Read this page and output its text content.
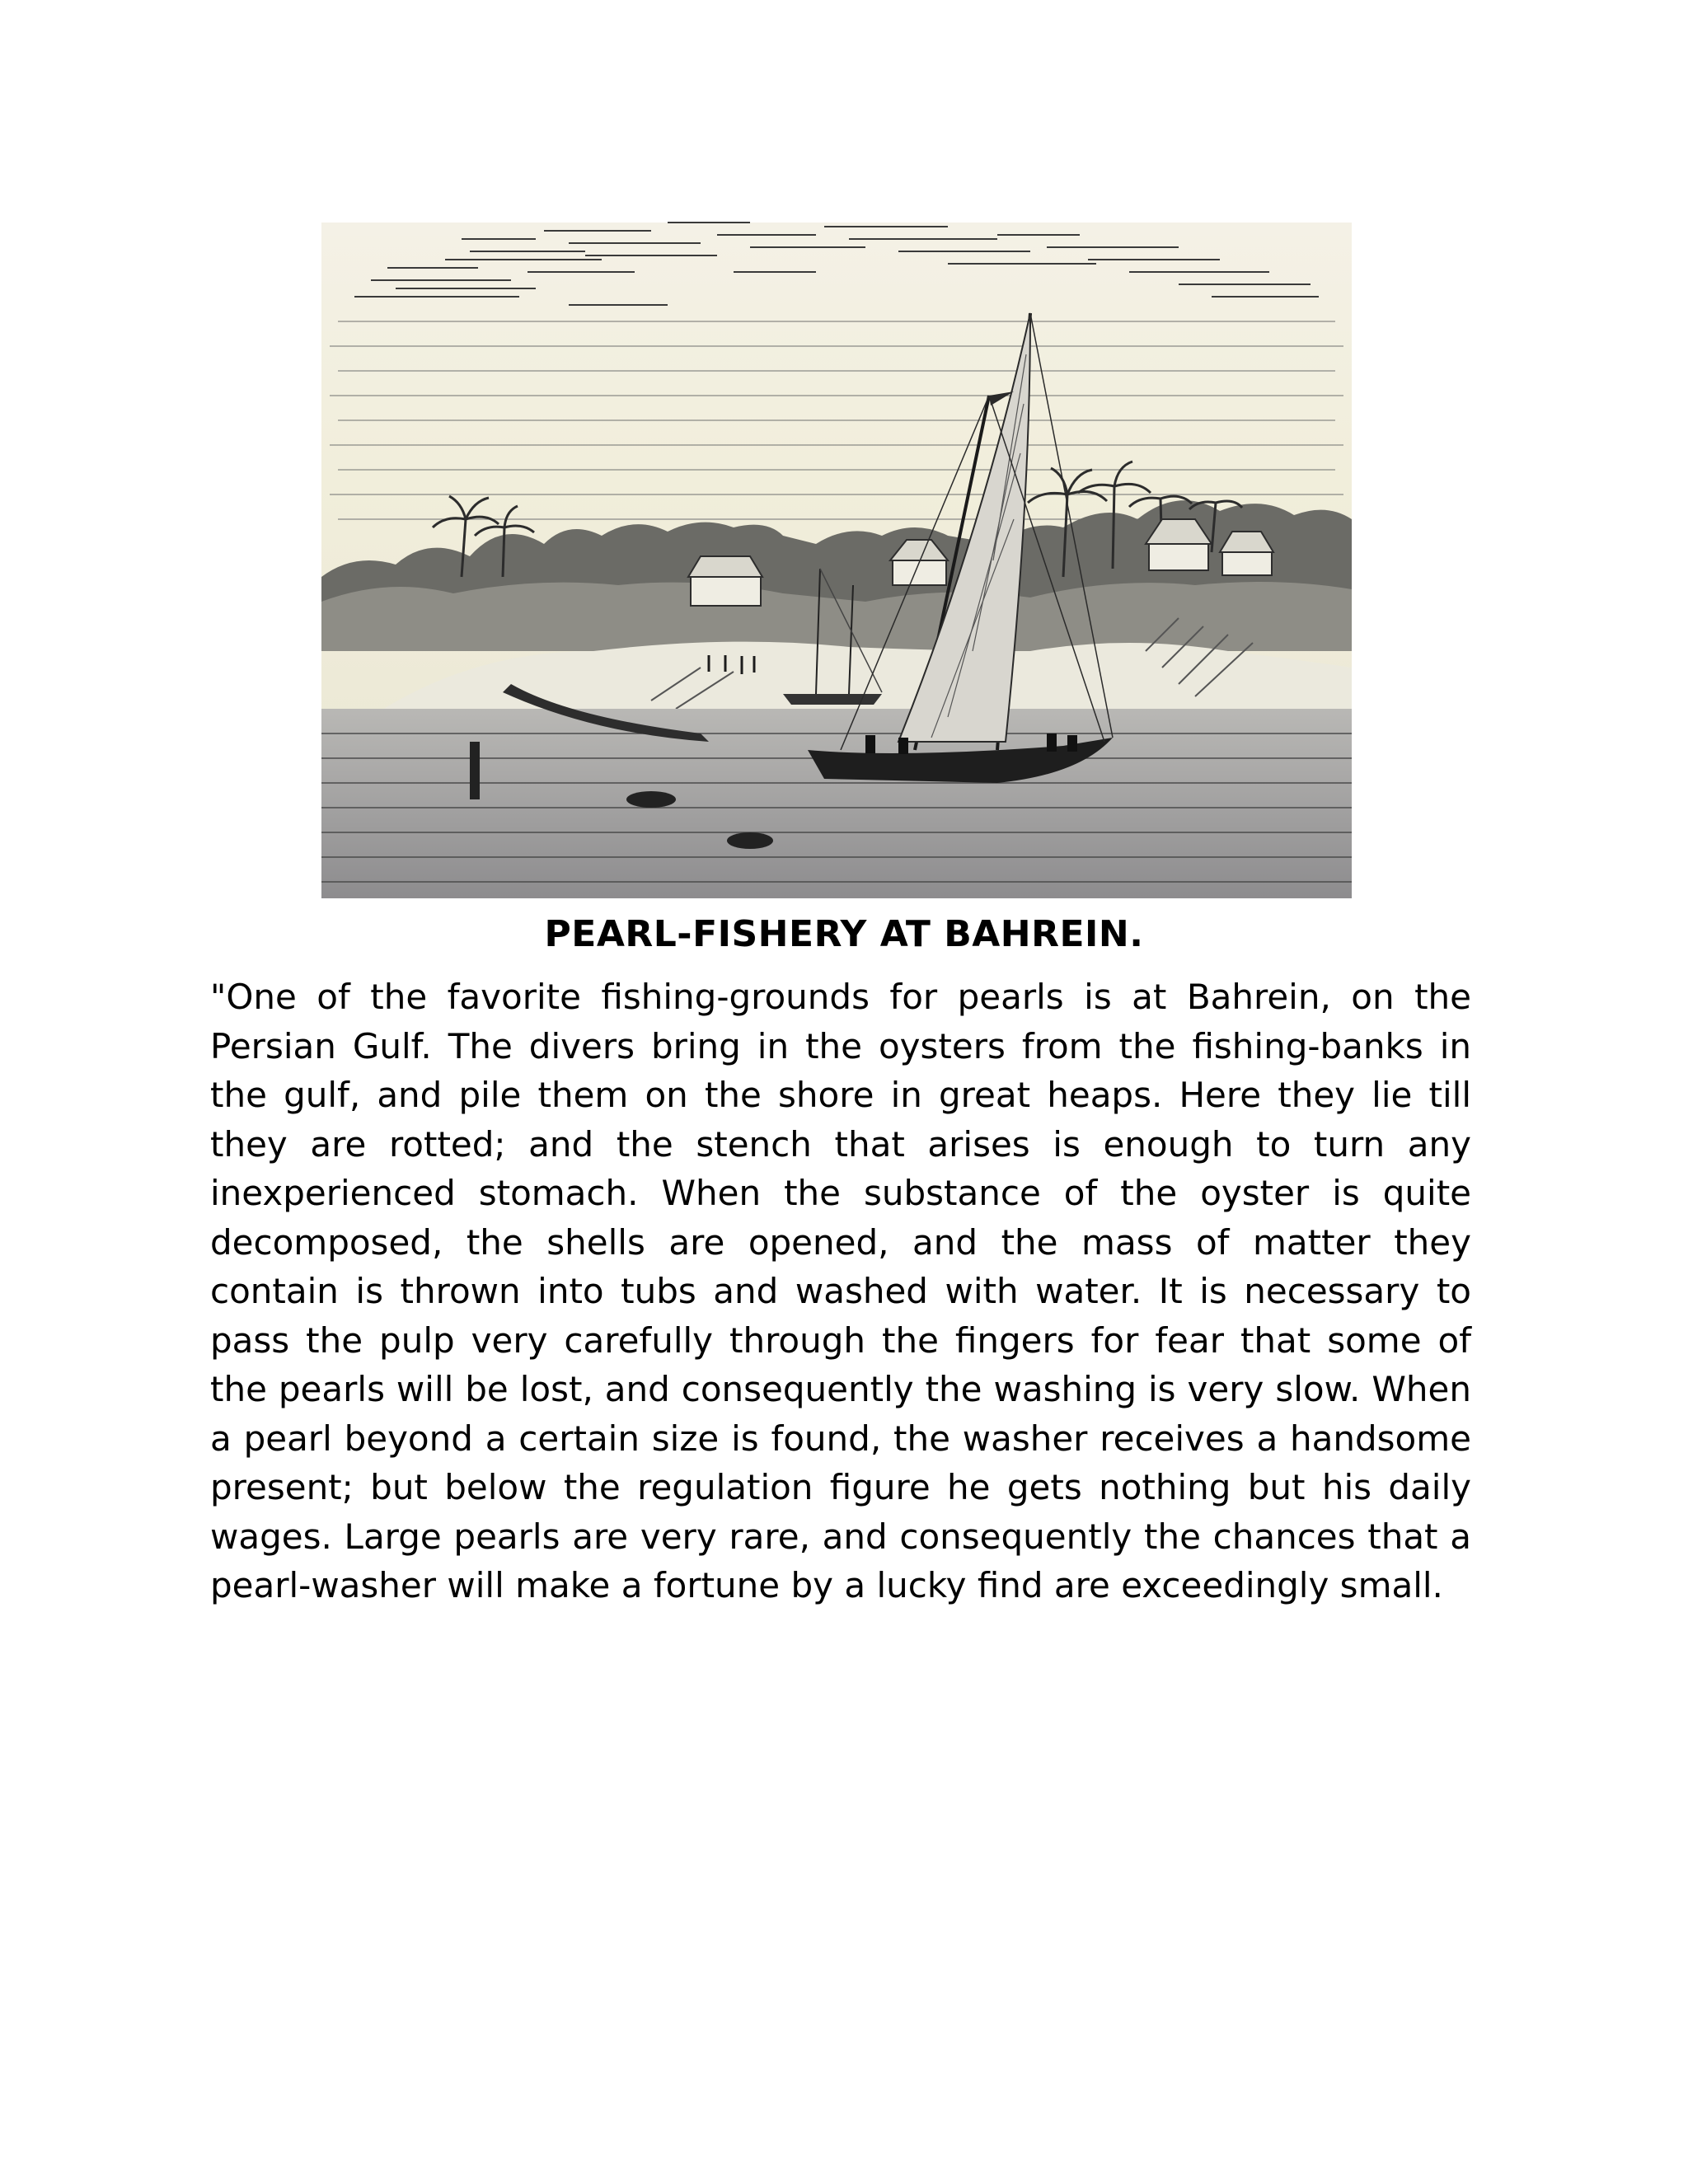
PEARL-FISHERY AT BAHREIN.

"One of the favorite fishing-grounds for pearls is at Bahrein, on the Persian Gulf. The divers bring in the oysters from the fishing-banks in the gulf, and pile them on the shore in great heaps. Here they lie till they are rotted; and the stench that arises is enough to turn any inexperienced stomach. When the substance of the oyster is quite decomposed, the shells are opened, and the mass of matter they contain is thrown into tubs and washed with water. It is necessary to pass the pulp very carefully through the fingers for fear that some of the pearls will be lost, and consequently the washing is very slow. When a pearl beyond a certain size is found, the washer receives a handsome present; but below the regulation figure he gets nothing but his daily wages. Large pearls are very rare, and consequently the chances that a pearl-washer will make a fortune by a lucky find are exceedingly small.
